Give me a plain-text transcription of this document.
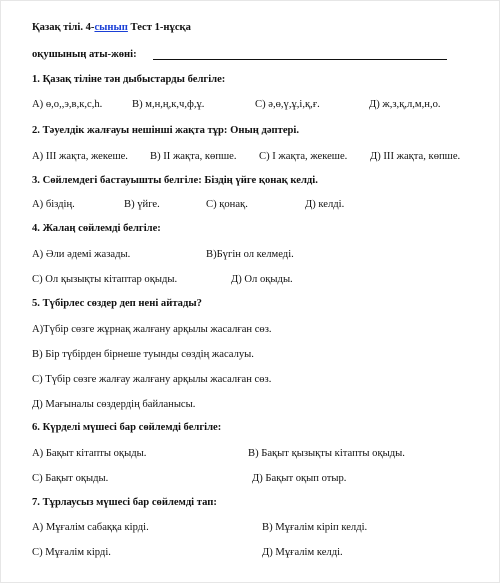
Қазақ тілі. 4-сынып Тест 1-нұсқа
оқушының аты-жөні:
1. Қазақ тіліне тән дыбыстарды белгіле:
А) ө,о,,э,в,к,с,һ.	В) м,н,ң,к,ч,ф,ұ.	С) ә,ө,ү,ұ,і,қ,ғ.	Д) ж,з,қ,л,м,н,о.
2. Тәуелдік жалғауы нешінші жақта тұр: Оның дәптері.
А) ІІІ жақта, жекеше. В) ІІ жақта, көпше. С) І жақта, жекеше. Д) ІІІ жақта, көпше.
3. Сөйлемдегі бастауышты белгіле: Біздің үйге қонақ келді.
А) біздің.	В) үйге.	С) қонақ.	Д) келді.
4. Жалаң сөйлемді белгіле:
А) Әли әдемі жазады.	В)Бүгін ол келмеді.
С) Ол қызықты кітаптар оқыды.	Д) Ол оқыды.
5. Түбірлес сөздер деп нені айтады?
А)Түбір сөзге жұрнақ жалғану арқылы жасалған сөз.
В) Бір түбірден бірнеше туынды сөздің жасалуы.
С) Түбір сөзге жалғау жалғану арқылы жасалған сөз.
Д) Мағыналы сөздердің байланысы.
6. Күрделі мүшесі бар сөйлемді белгіле:
А) Бақыт кітапты оқыды.	В) Бақыт қызықты кітапты оқыды.
С) Бақыт оқыды.	Д) Бақыт оқып отыр.
7. Тұрлаусыз мүшесі бар сөйлемді тап:
А) Мұғалім сабаққа кірді.	В) Мұғалім кіріп келді.
С) Мұғалім кірді.	Д) Мұғалім келді.
